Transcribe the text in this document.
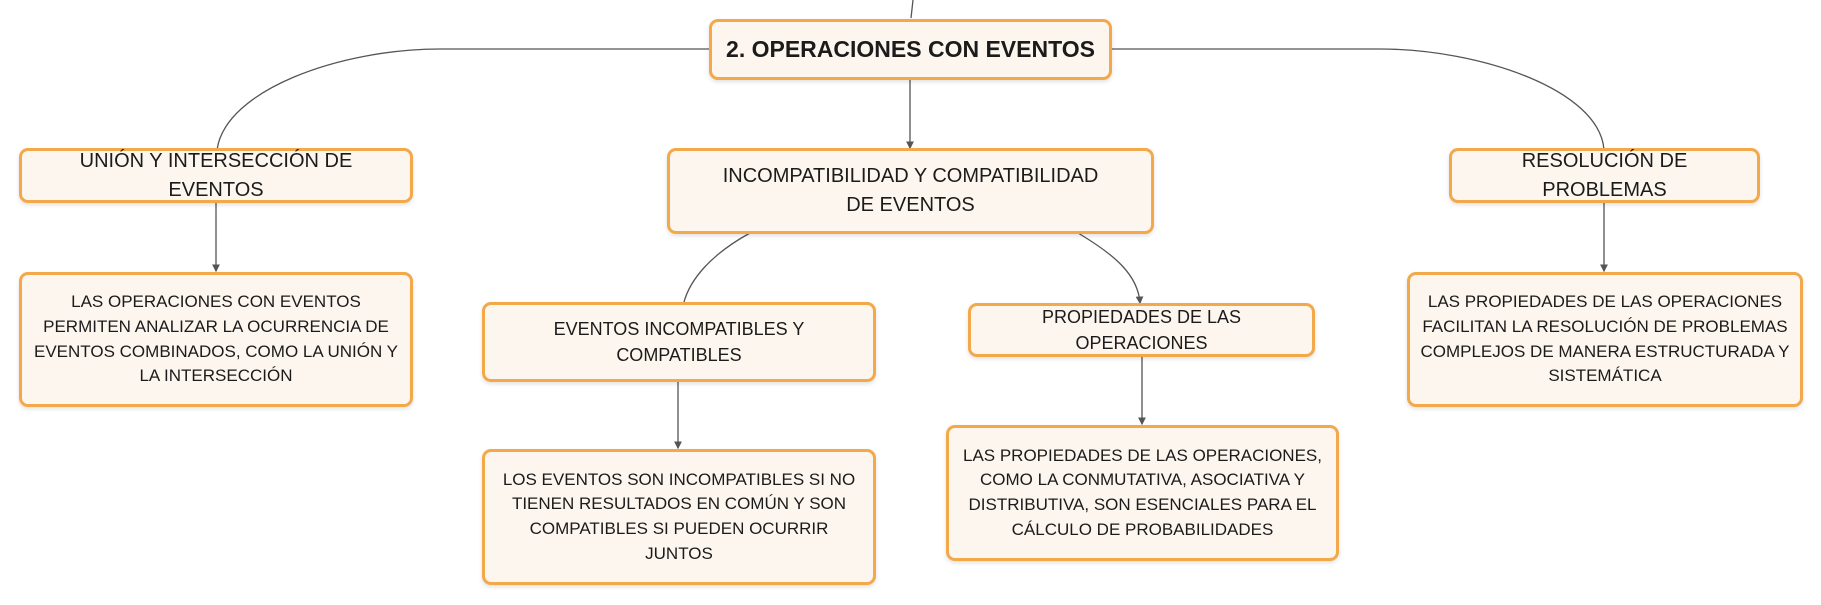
2. OPERACIONES CON EVENTOS
UNIÓN Y INTERSECCIÓN DE EVENTOS
INCOMPATIBILIDAD Y COMPATIBILIDAD DE EVENTOS
RESOLUCIÓN DE PROBLEMAS
LAS OPERACIONES CON EVENTOS PERMITEN ANALIZAR LA OCURRENCIA DE EVENTOS COMBINADOS, COMO LA UNIÓN Y LA INTERSECCIÓN
LAS PROPIEDADES DE LAS OPERACIONES FACILITAN LA RESOLUCIÓN DE PROBLEMAS COMPLEJOS DE MANERA ESTRUCTURADA Y SISTEMÁTICA
EVENTOS INCOMPATIBLES Y COMPATIBLES
PROPIEDADES DE LAS OPERACIONES
LOS EVENTOS SON INCOMPATIBLES SI NO TIENEN RESULTADOS EN COMÚN Y SON COMPATIBLES SI PUEDEN OCURRIR JUNTOS
LAS PROPIEDADES DE LAS OPERACIONES, COMO LA CONMUTATIVA, ASOCIATIVA Y DISTRIBUTIVA, SON ESENCIALES PARA EL CÁLCULO DE PROBABILIDADES
